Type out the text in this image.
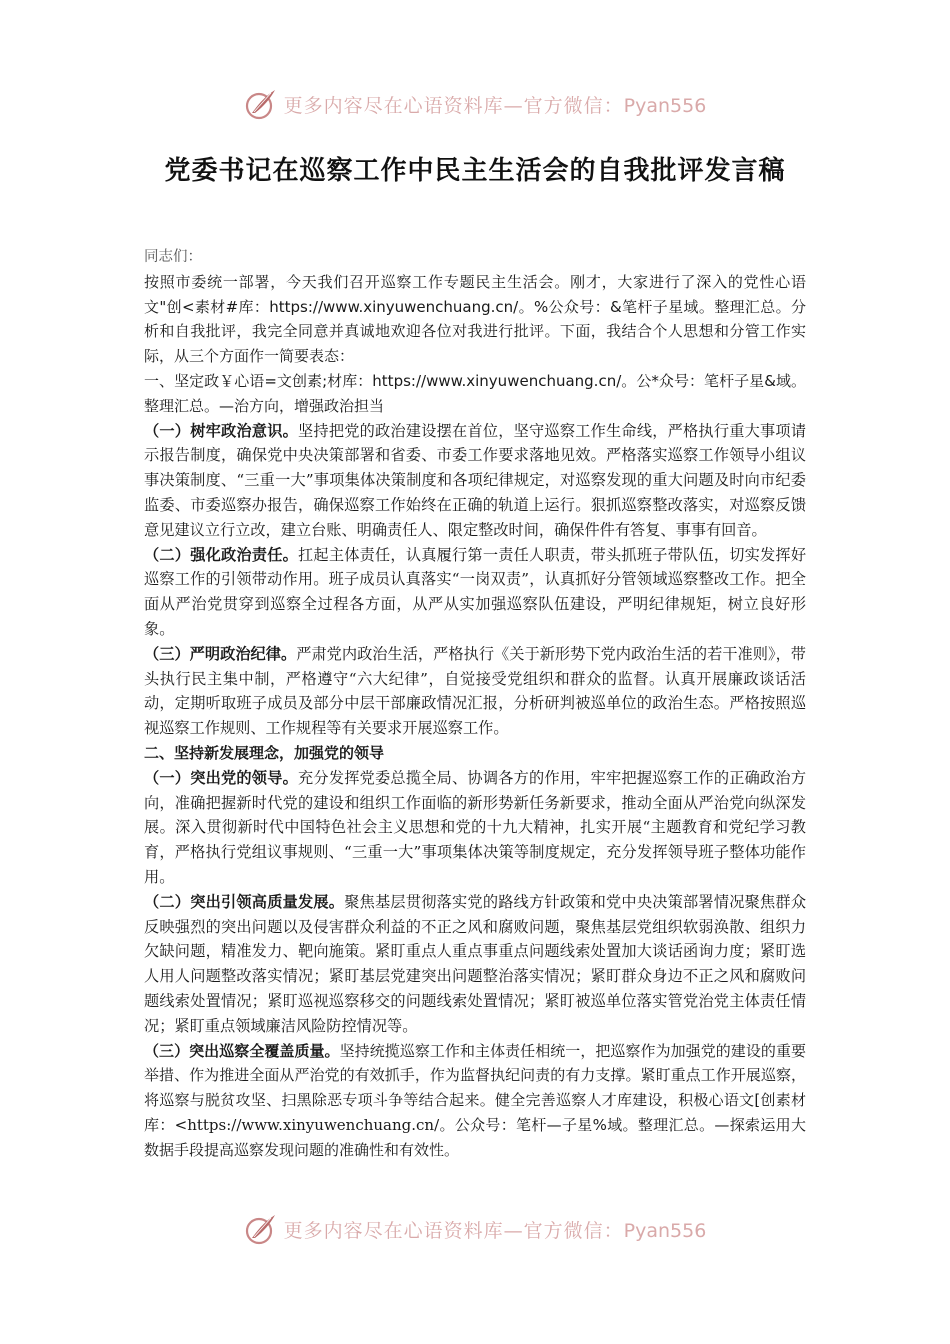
更多内容尽在心语资料库—官方微信：Pyan556
党委书记在巡察工作中民主生活会的自我批评发言稿

同志们：

按照市委统一部署，今天我们召开巡察工作专题民主生活会。刚才，大家进行了深入的党性心语文"创<素材#库：https://www.xinyuwenchuang.cn/。%公众号：&笔杆子星域。整理汇总。分析和自我批评，我完全同意并真诚地欢迎各位对我进行批评。下面，我结合个人思想和分管工作实际，从三个方面作一简要表态：

一、坚定政￥心语=文创素;材库：https://www.xinyuwenchuang.cn/。公*众号：笔杆子星&域。整理汇总。—治方向，增强政治担当

（一）树牢政治意识。坚持把党的政治建设摆在首位，坚守巡察工作生命线，严格执行重大事项请示报告制度，确保党中央决策部署和省委、市委工作要求落地见效。严格落实巡察工作领导小组议事决策制度、“三重一大”事项集体决策制度和各项纪律规定，对巡察发现的重大问题及时向市纪委监委、市委巡察办报告，确保巡察工作始终在正确的轨道上运行。狠抓巡察整改落实，对巡察反馈意见建议立行立改，建立台账、明确责任人、限定整改时间，确保件件有答复、事事有回音。

（二）强化政治责任。扛起主体责任，认真履行第一责任人职责，带头抓班子带队伍，切实发挥好巡察工作的引领带动作用。班子成员认真落实“一岗双责”，认真抓好分管领域巡察整改工作。把全面从严治党贯穿到巡察全过程各方面，从严从实加强巡察队伍建设，严明纪律规矩，树立良好形象。

（三）严明政治纪律。严肃党内政治生活，严格执行《关于新形势下党内政治生活的若干准则》，带头执行民主集中制，严格遵守“六大纪律”，自觉接受党组织和群众的监督。认真开展廉政谈话活动，定期听取班子成员及部分中层干部廉政情况汇报，分析研判被巡单位的政治生态。严格按照巡视巡察工作规则、工作规程等有关要求开展巡察工作。

二、坚持新发展理念，加强党的领导

（一）突出党的领导。充分发挥党委总揽全局、协调各方的作用，牢牢把握巡察工作的正确政治方向，准确把握新时代党的建设和组织工作面临的新形势新任务新要求，推动全面从严治党向纵深发展。深入贯彻新时代中国特色社会主义思想和党的十九大精神，扎实开展“主题教育和党纪学习教育，严格执行党组议事规则、“三重一大”事项集体决策等制度规定，充分发挥领导班子整体功能作用。

（二）突出引领高质量发展。聚焦基层贯彻落实党的路线方针政策和党中央决策部署情况聚焦群众反映强烈的突出问题以及侵害群众利益的不正之风和腐败问题，聚焦基层党组织软弱涣散、组织力欠缺问题，精准发力、靶向施策。紧盯重点人重点事重点问题线索处置加大谈话函询力度；紧盯选人用人问题整改落实情况；紧盯基层党建突出问题整治落实情况；紧盯群众身边不正之风和腐败问题线索处置情况；紧盯巡视巡察移交的问题线索处置情况；紧盯被巡单位落实管党治党主体责任情况；紧盯重点领域廉洁风险防控情况等。

（三）突出巡察全覆盖质量。坚持统揽巡察工作和主体责任相统一，把巡察作为加强党的建设的重要举措、作为推进全面从严治党的有效抓手，作为监督执纪问责的有力支撑。紧盯重点工作开展巡察，将巡察与脱贫攻坚、扫黑除恶专项斗争等结合起来。健全完善巡察人才库建设，积极心语文[创素材库：<https://www.xinyuwenchuang.cn/。公众号：笔杆—子星%域。整理汇总。—探索运用大数据手段提高巡察发现问题的准确性和有效性。

更多内容尽在心语资料库—官方微信：Pyan556
